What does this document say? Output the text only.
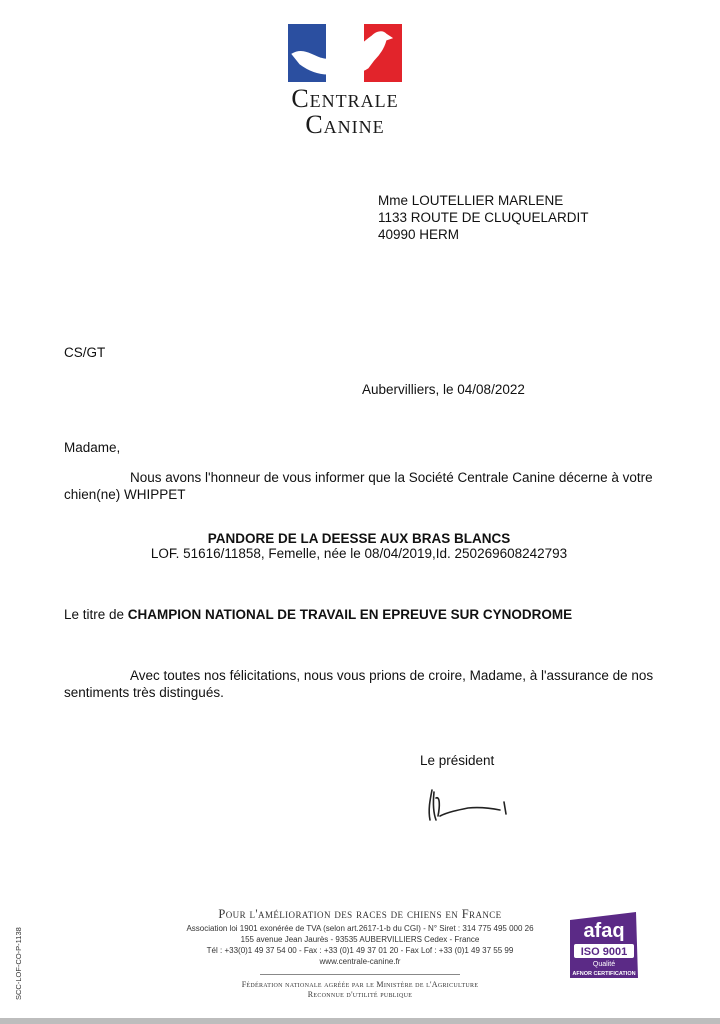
Centrale
Canine
Mme LOUTELLIER MARLENE
1133 ROUTE DE CLUQUELARDIT
40990 HERM
CS/GT
Aubervilliers, le 04/08/2022
Madame,
Nous avons l'honneur de vous informer que la Société Centrale Canine décerne à votre
chien(ne) WHIPPET
PANDORE DE LA DEESSE AUX BRAS BLANCS
LOF. 51616/11858, Femelle, née le 08/04/2019,Id. 250269608242793
Le titre de CHAMPION NATIONAL DE TRAVAIL EN EPREUVE SUR CYNODROME
Avec toutes nos félicitations, nous vous prions de croire, Madame, à l'assurance de nos
sentiments très distingués.
Le président
Pour l'amélioration des races de chiens en France
Association loi 1901 exonérée de TVA (selon art.2617-1-b du CGI) - N° Siret : 314 775 495 000 26
155 avenue Jean Jaurès - 93535 AUBERVILLIERS Cedex - France
Tél : +33(0)1 49 37 54 00 - Fax : +33 (0)1 49 37 01 20 - Fax Lof : +33 (0)1 49 37 55 99
www.centrale-canine.fr
Fédération nationale agréée par le Ministère de l'Agriculture
Reconnue d'utilité publique
afaq
ISO 9001
Qualité
AFNOR CERTIFICATION
SCC-LOF-CO-P-1138
